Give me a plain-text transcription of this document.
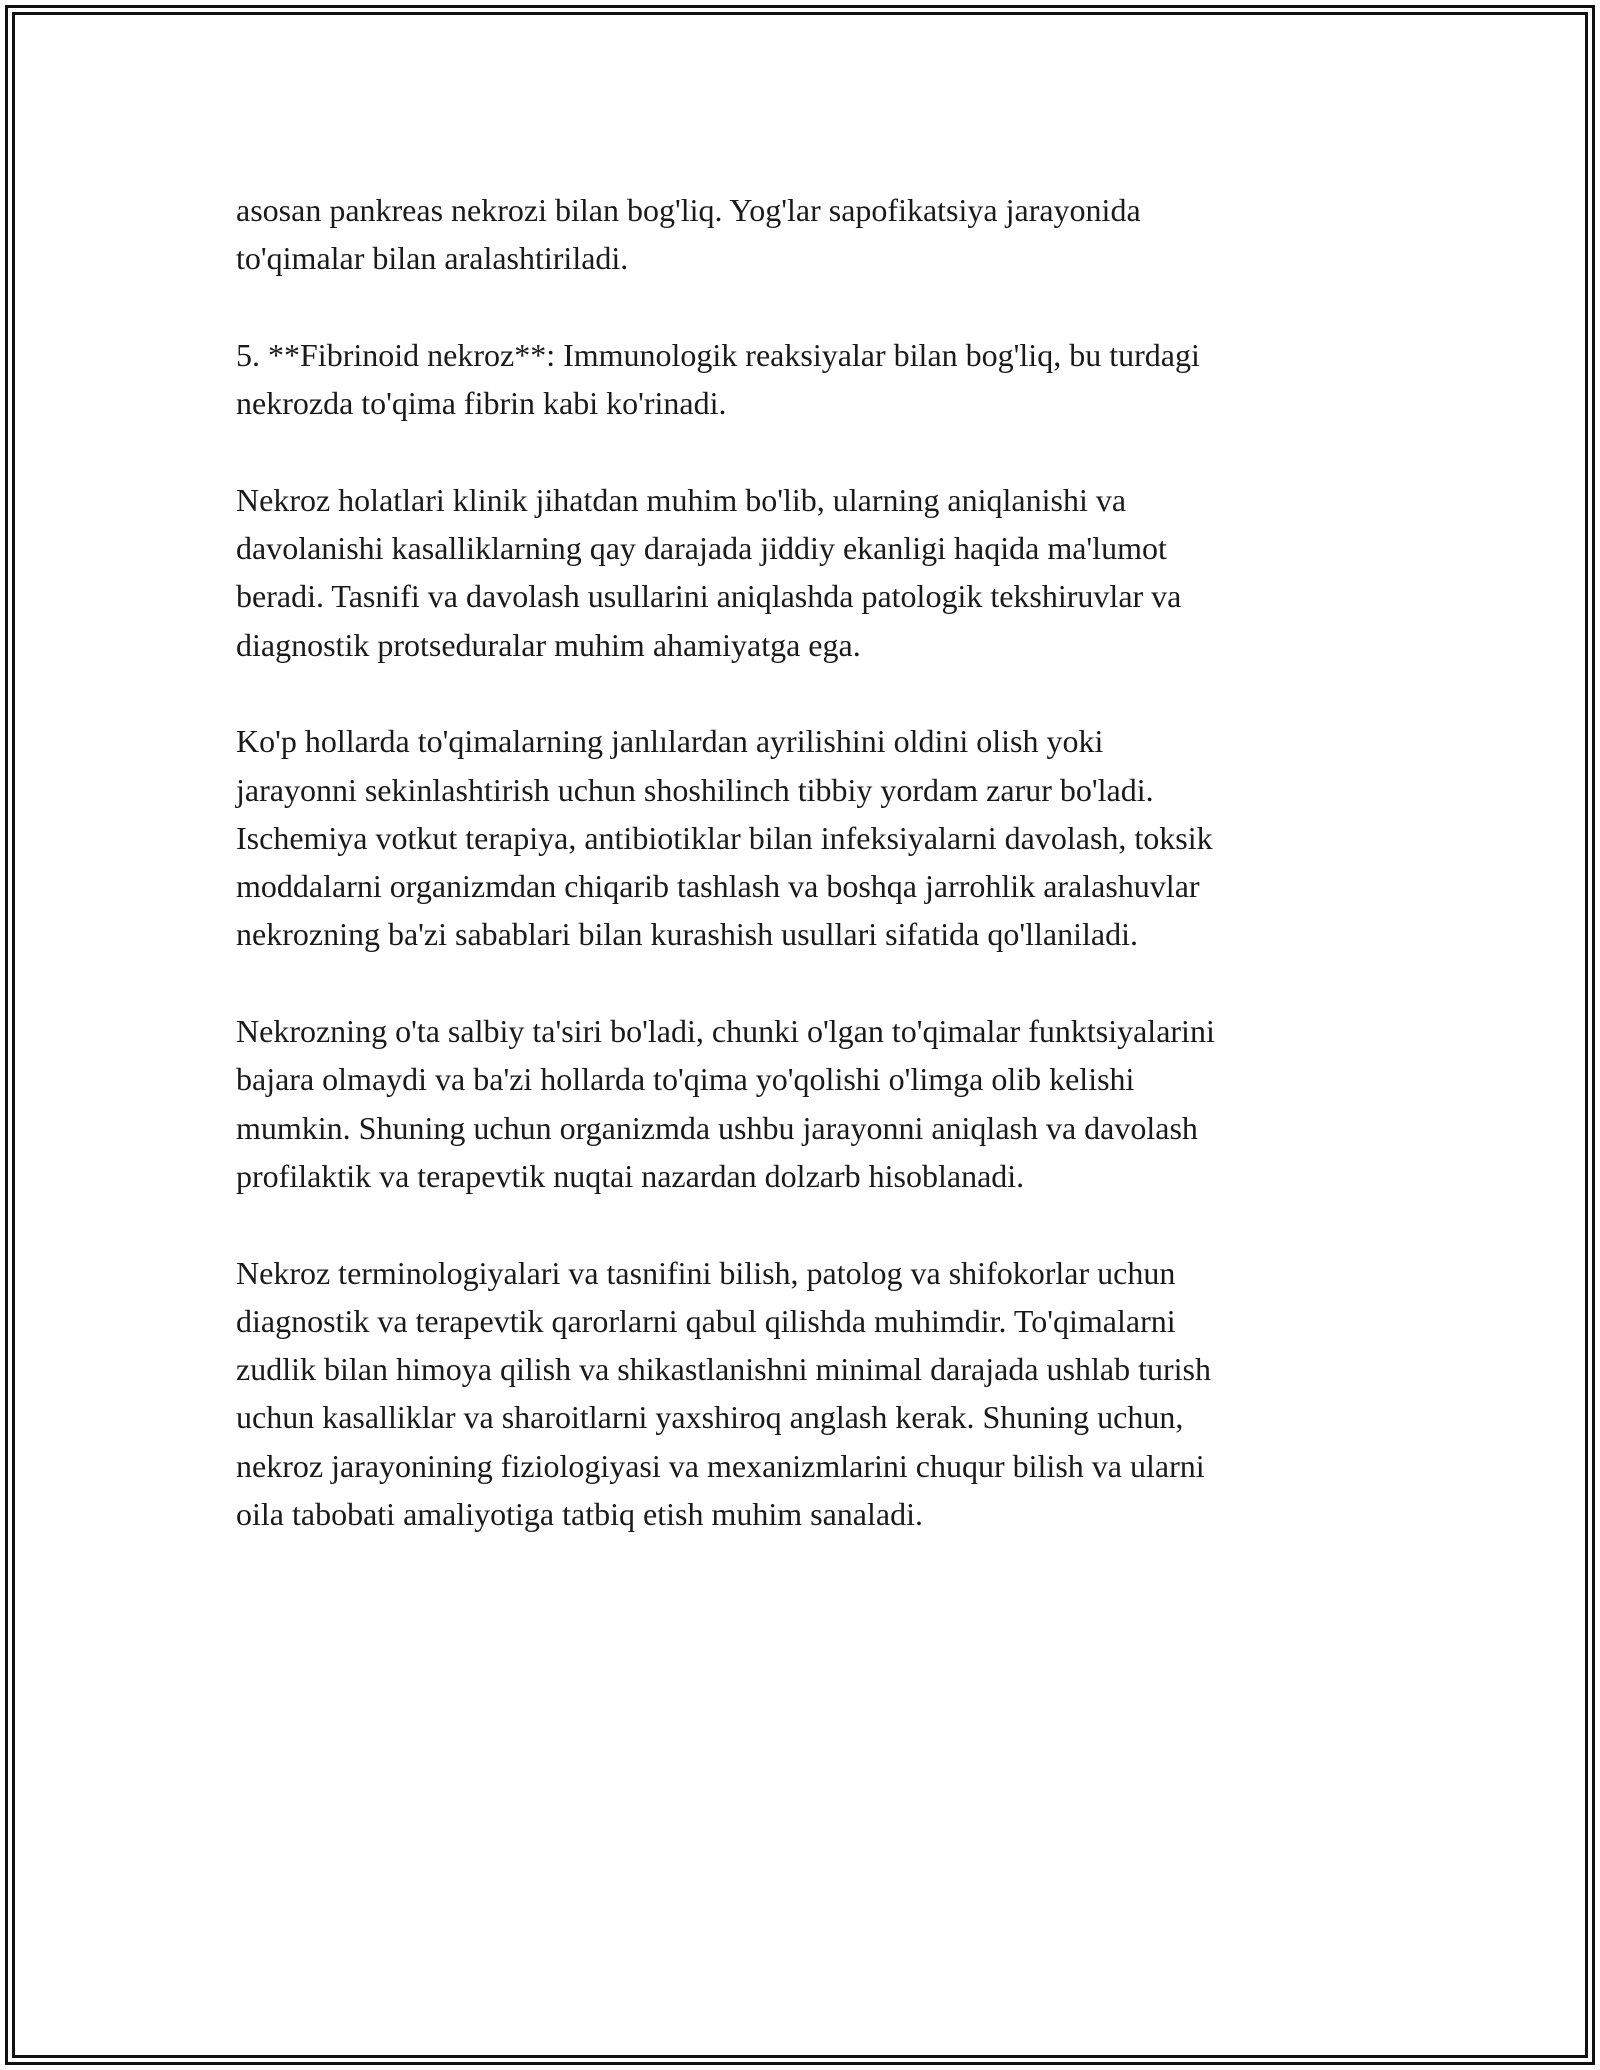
asosan pankreas nekrozi bilan bog'liq. Yog'lar sapofikatsiya jarayonida
to'qimalar bilan aralashtiriladi.

5. **Fibrinoid nekroz**: Immunologik reaksiyalar bilan bog'liq, bu turdagi
nekrozda to'qima fibrin kabi ko'rinadi.

Nekroz holatlari klinik jihatdan muhim bo'lib, ularning aniqlanishi va
davolanishi kasalliklarning qay darajada jiddiy ekanligi haqida ma'lumot
beradi. Tasnifi va davolash usullarini aniqlashda patologik tekshiruvlar va
diagnostik protseduralar muhim ahamiyatga ega.

Ko'p hollarda to'qimalarning janlılardan ayrilishini oldini olish yoki
jarayonni sekinlashtirish uchun shoshilinch tibbiy yordam zarur bo'ladi.
Ischemiya votkut terapiya, antibiotiklar bilan infeksiyalarni davolash, toksik
moddalarni organizmdan chiqarib tashlash va boshqa jarrohlik aralashuvlar
nekrozning ba'zi sabablari bilan kurashish usullari sifatida qo'llaniladi.

Nekrozning o'ta salbiy ta'siri bo'ladi, chunki o'lgan to'qimalar funktsiyalarini
bajara olmaydi va ba'zi hollarda to'qima yo'qolishi o'limga olib kelishi
mumkin. Shuning uchun organizmda ushbu jarayonni aniqlash va davolash
profilaktik va terapevtik nuqtai nazardan dolzarb hisoblanadi.

Nekroz terminologiyalari va tasnifini bilish, patolog va shifokorlar uchun
diagnostik va terapevtik qarorlarni qabul qilishda muhimdir. To'qimalarni
zudlik bilan himoya qilish va shikastlanishni minimal darajada ushlab turish
uchun kasalliklar va sharoitlarni yaxshiroq anglash kerak. Shuning uchun,
nekroz jarayonining fiziologiyasi va mexanizmlarini chuqur bilish va ularni
oila tabobati amaliyotiga tatbiq etish muhim sanaladi.
